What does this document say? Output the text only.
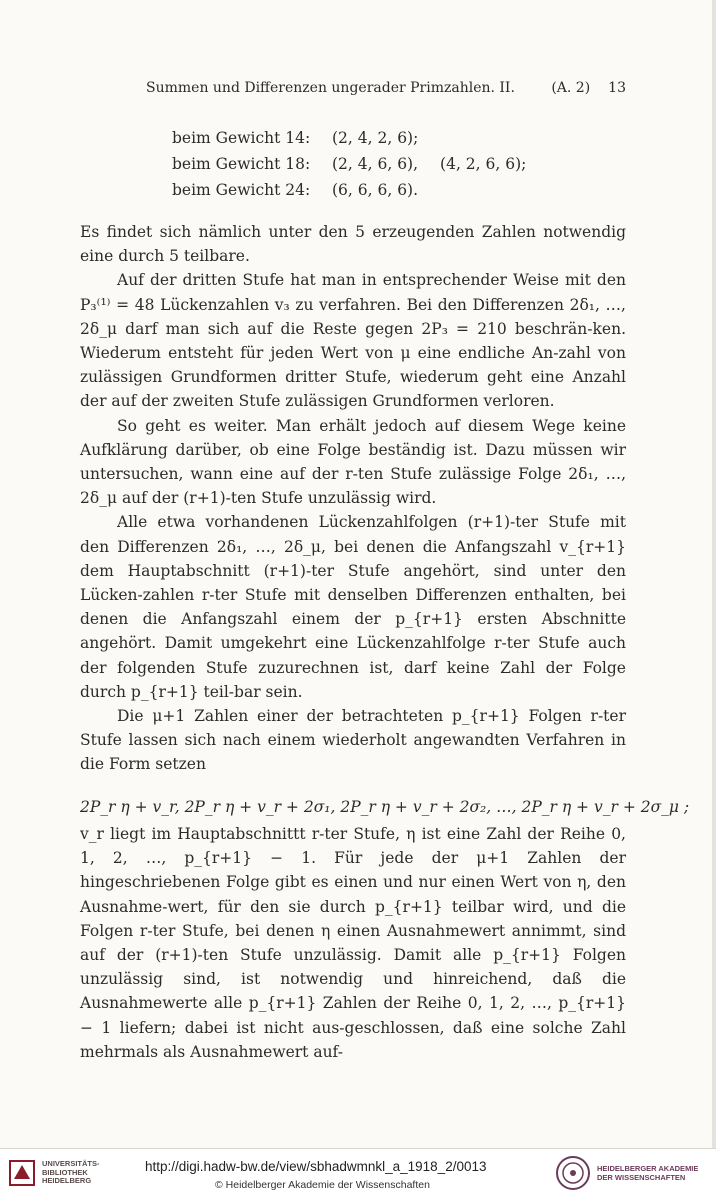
Summen und Differenzen ungerader Primzahlen. II.	(A. 2) 13
beim Gewicht 14:	(2, 4, 2, 6);
beim Gewicht 18:	(2, 4, 6, 6), (4, 2, 6, 6);
beim Gewicht 24:	(6, 6, 6, 6).

Es findet sich nämlich unter den 5 erzeugenden Zahlen notwendig eine durch 5 teilbare.

Auf der dritten Stufe hat man in entsprechender Weise mit den P₃⁽¹⁾ = 48 Lückenzahlen v₃ zu verfahren. Bei den Differenzen 2δ₁, …, 2δ_μ darf man sich auf die Reste gegen 2P₃ = 210 beschrän-ken. Wiederum entsteht für jeden Wert von μ eine endliche An-zahl von zulässigen Grundformen dritter Stufe, wiederum geht eine Anzahl der auf der zweiten Stufe zulässigen Grundformen verloren.

So geht es weiter. Man erhält jedoch auf diesem Wege keine Aufklärung darüber, ob eine Folge beständig ist. Dazu müssen wir untersuchen, wann eine auf der r-ten Stufe zulässige Folge 2δ₁, …, 2δ_μ auf der (r+1)-ten Stufe unzulässig wird.

Alle etwa vorhandenen Lückenzahlfolgen (r+1)-ter Stufe mit den Differenzen 2δ₁, …, 2δ_μ, bei denen die Anfangszahl v_{r+1} dem Hauptabschnitt (r+1)-ter Stufe angehört, sind unter den Lücken-zahlen r-ter Stufe mit denselben Differenzen enthalten, bei denen die Anfangszahl einem der p_{r+1} ersten Abschnitte angehört. Damit umgekehrt eine Lückenzahlfolge r-ter Stufe auch der folgenden Stufe zuzurechnen ist, darf keine Zahl der Folge durch p_{r+1} teil-bar sein.

Die μ+1 Zahlen einer der betrachteten p_{r+1} Folgen r-ter Stufe lassen sich nach einem wiederholt angewandten Verfahren in die Form setzen

2P_r η + v_r, 2P_r η + v_r + 2σ₁, 2P_r η + v_r + 2σ₂, …, 2P_r η + v_r + 2σ_μ ;

v_r liegt im Hauptabschnittt r-ter Stufe, η ist eine Zahl der Reihe 0, 1, 2, …, p_{r+1} − 1. Für jede der μ+1 Zahlen der hingeschriebenen Folge gibt es einen und nur einen Wert von η, den Ausnahme-wert, für den sie durch p_{r+1} teilbar wird, und die Folgen r-ter Stufe, bei denen η einen Ausnahmewert annimmt, sind auf der (r+1)-ten Stufe unzulässig. Damit alle p_{r+1} Folgen unzulässig sind, ist notwendig und hinreichend, daß die Ausnahmewerte alle p_{r+1} Zahlen der Reihe 0, 1, 2, …, p_{r+1} − 1 liefern; dabei ist nicht aus-geschlossen, daß eine solche Zahl mehrmals als Ausnahmewert auf-

UNIVERSITÄTS-
BIBLIOTHEK
HEIDELBERG
http://digi.hadw-bw.de/view/sbhadwmnkl_a_1918_2/0013
© Heidelberger Akademie der Wissenschaften
HEIDELBERGER AKADEMIE
DER WISSENSCHAFTEN
